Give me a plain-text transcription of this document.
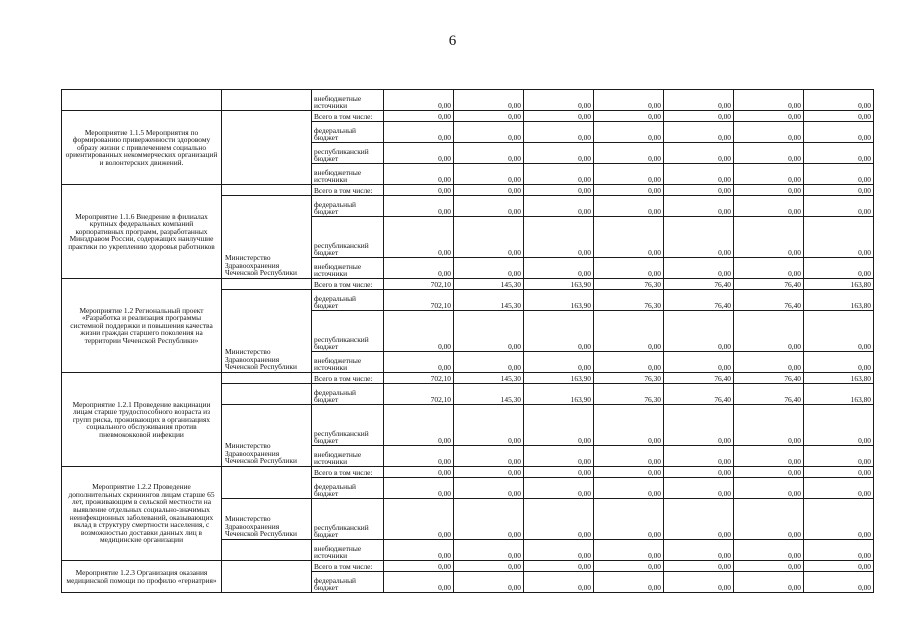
6
		внебюджетные
источники	0,00	0,00	0,00	0,00	0,00	0,00	0,00
Мероприятие 1.1.5 Мероприятия по формированию приверженности здоровому образу жизни с привлечением социально ориентированных некоммерческих организаций и волонтерских движений.		Всего в том числе:	0,00	0,00	0,00	0,00	0,00	0,00	0,00
		федеральный
бюджет	0,00	0,00	0,00	0,00	0,00	0,00	0,00
		республиканский
бюджет	0,00	0,00	0,00	0,00	0,00	0,00	0,00
		внебюджетные
источники	0,00	0,00	0,00	0,00	0,00	0,00	0,00
Мероприятие 1.1.6 Внедрение в филиалах крупных федеральных компаний корпоративных программ, разработанных Минздравом России, содержащих наилучшие практики по укреплению здоровья работников		Всего в том числе:	0,00	0,00	0,00	0,00	0,00	0,00	0,00
	Министерство Здравоохранения Чеченской Республики	федеральный
бюджет	0,00	0,00	0,00	0,00	0,00	0,00	0,00
		республиканский
бюджет	0,00	0,00	0,00	0,00	0,00	0,00	0,00
		внебюджетные
источники	0,00	0,00	0,00	0,00	0,00	0,00	0,00
Мероприятие 1.2 Региональный проект «Разработка и реализация программы системной поддержки и повышения качества жизни граждан старшего поколения на территории Чеченской Республики»		Всего в том числе:	702,10	145,30	163,90	76,30	76,40	76,40	163,80
	Министерство Здравоохранения Чеченской Республики	федеральный
бюджет	702,10	145,30	163,90	76,30	76,40	76,40	163,80
		республиканский
бюджет	0,00	0,00	0,00	0,00	0,00	0,00	0,00
		внебюджетные
источники	0,00	0,00	0,00	0,00	0,00	0,00	0,00
Мероприятие 1.2.1 Проведение вакцинации лицам старше трудоспособного возраста из групп риска, проживающих в организациях социального обслуживания против пневмококковой инфекции		Всего в том числе:	702,10	145,30	163,90	76,30	76,40	76,40	163,80
		федеральный
бюджет	702,10	145,30	163,90	76,30	76,40	76,40	163,80
	Министерство Здравоохранения Чеченской Республики	республиканский
бюджет	0,00	0,00	0,00	0,00	0,00	0,00	0,00
		внебюджетные
источники	0,00	0,00	0,00	0,00	0,00	0,00	0,00
Мероприятие 1.2.2 Проведение дополнительных скринингов лицам старше 65 лет, проживающим в сельской местности на выявление отдельных социально-значимых неинфекционных заболеваний, оказывающих вклад в структуру смертности населения, с возможностью доставки данных лиц в медицинские организации		Всего в том числе:	0,00	0,00	0,00	0,00	0,00	0,00	0,00
		федеральный
бюджет	0,00	0,00	0,00	0,00	0,00	0,00	0,00
	Министерство Здравоохранения Чеченской Республики	республиканский
бюджет	0,00	0,00	0,00	0,00	0,00	0,00	0,00
		внебюджетные
источники	0,00	0,00	0,00	0,00	0,00	0,00	0,00
Мероприятие 1.2.3 Организация оказания медицинской помощи по профилю «гериатрия»		Всего в том числе:	0,00	0,00	0,00	0,00	0,00	0,00	0,00
		федеральный
бюджет	0,00	0,00	0,00	0,00	0,00	0,00	0,00
